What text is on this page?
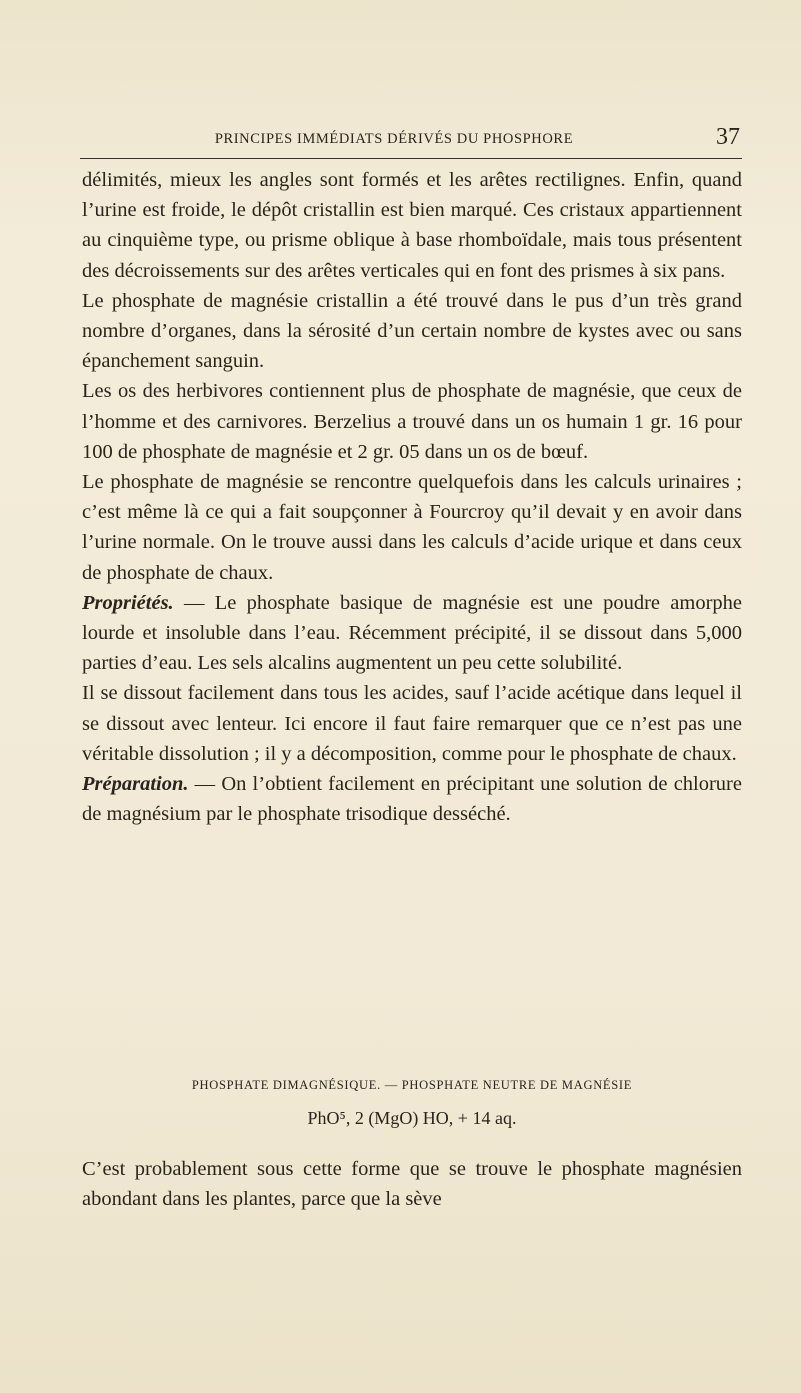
PRINCIPES IMMÉDIATS DÉRIVÉS DU PHOSPHORE	37

délimités, mieux les angles sont formés et les arêtes rectilignes. Enfin, quand l’urine est froide, le dépôt cristallin est bien marqué. Ces cristaux appartiennent au cinquième type, ou prisme oblique à base rhomboïdale, mais tous présentent des décroissements sur des arêtes verticales qui en font des prismes à six pans.

Le phosphate de magnésie cristallin a été trouvé dans le pus d’un très grand nombre d’organes, dans la sérosité d’un certain nombre de kystes avec ou sans épanchement sanguin.

Les os des herbivores contiennent plus de phosphate de magnésie, que ceux de l’homme et des carnivores. Berzelius a trouvé dans un os humain 1 gr. 16 pour 100 de phosphate de magnésie et 2 gr. 05 dans un os de bœuf.

Le phosphate de magnésie se rencontre quelquefois dans les calculs urinaires ; c’est même là ce qui a fait soupçonner à Fourcroy qu’il devait y en avoir dans l’urine normale. On le trouve aussi dans les calculs d’acide urique et dans ceux de phosphate de chaux.

Propriétés. — Le phosphate basique de magnésie est une poudre amorphe lourde et insoluble dans l’eau. Récemment précipité, il se dissout dans 5,000 parties d’eau. Les sels alcalins augmentent un peu cette solubilité.

Il se dissout facilement dans tous les acides, sauf l’acide acétique dans lequel il se dissout avec lenteur. Ici encore il faut faire remarquer que ce n’est pas une véritable dissolution ; il y a décomposition, comme pour le phosphate de chaux.

Préparation. — On l’obtient facilement en précipitant une solution de chlorure de magnésium par le phosphate trisodique desséché.

PHOSPHATE DIMAGNÉSIQUE. — PHOSPHATE NEUTRE DE MAGNÉSIE
PhO⁵, 2 (MgO) HO, + 14 aq.

C’est probablement sous cette forme que se trouve le phosphate magnésien abondant dans les plantes, parce que la sève
